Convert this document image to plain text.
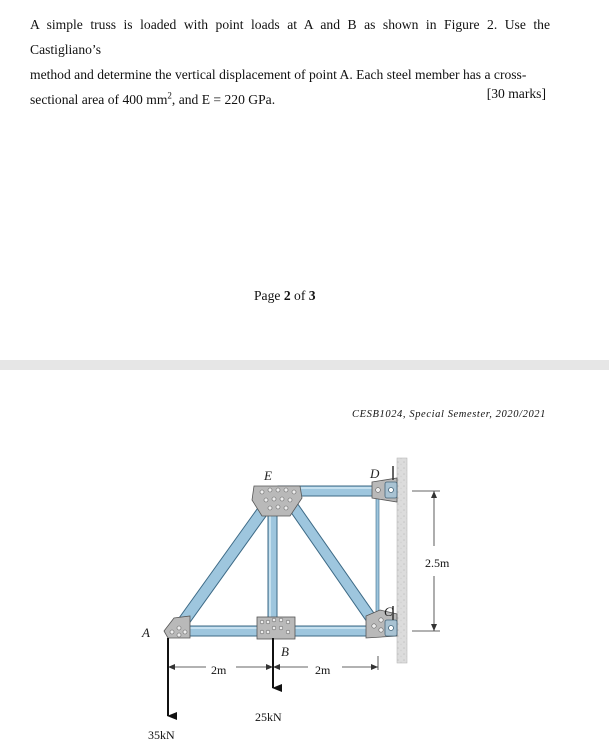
A simple truss is loaded with point loads at A and B as shown in Figure 2. Use the Castigliano’s
method and determine the vertical displacement of point A. Each steel member has a cross-
sectional area of 400 $mm^2$, and E = 220 GPa.	[30 marks]
Page 2 of 3
CESB1024, Special Semester, 2020/2021
A
B
C
D
E
2m	2m
2.5m
35kN
25kN
